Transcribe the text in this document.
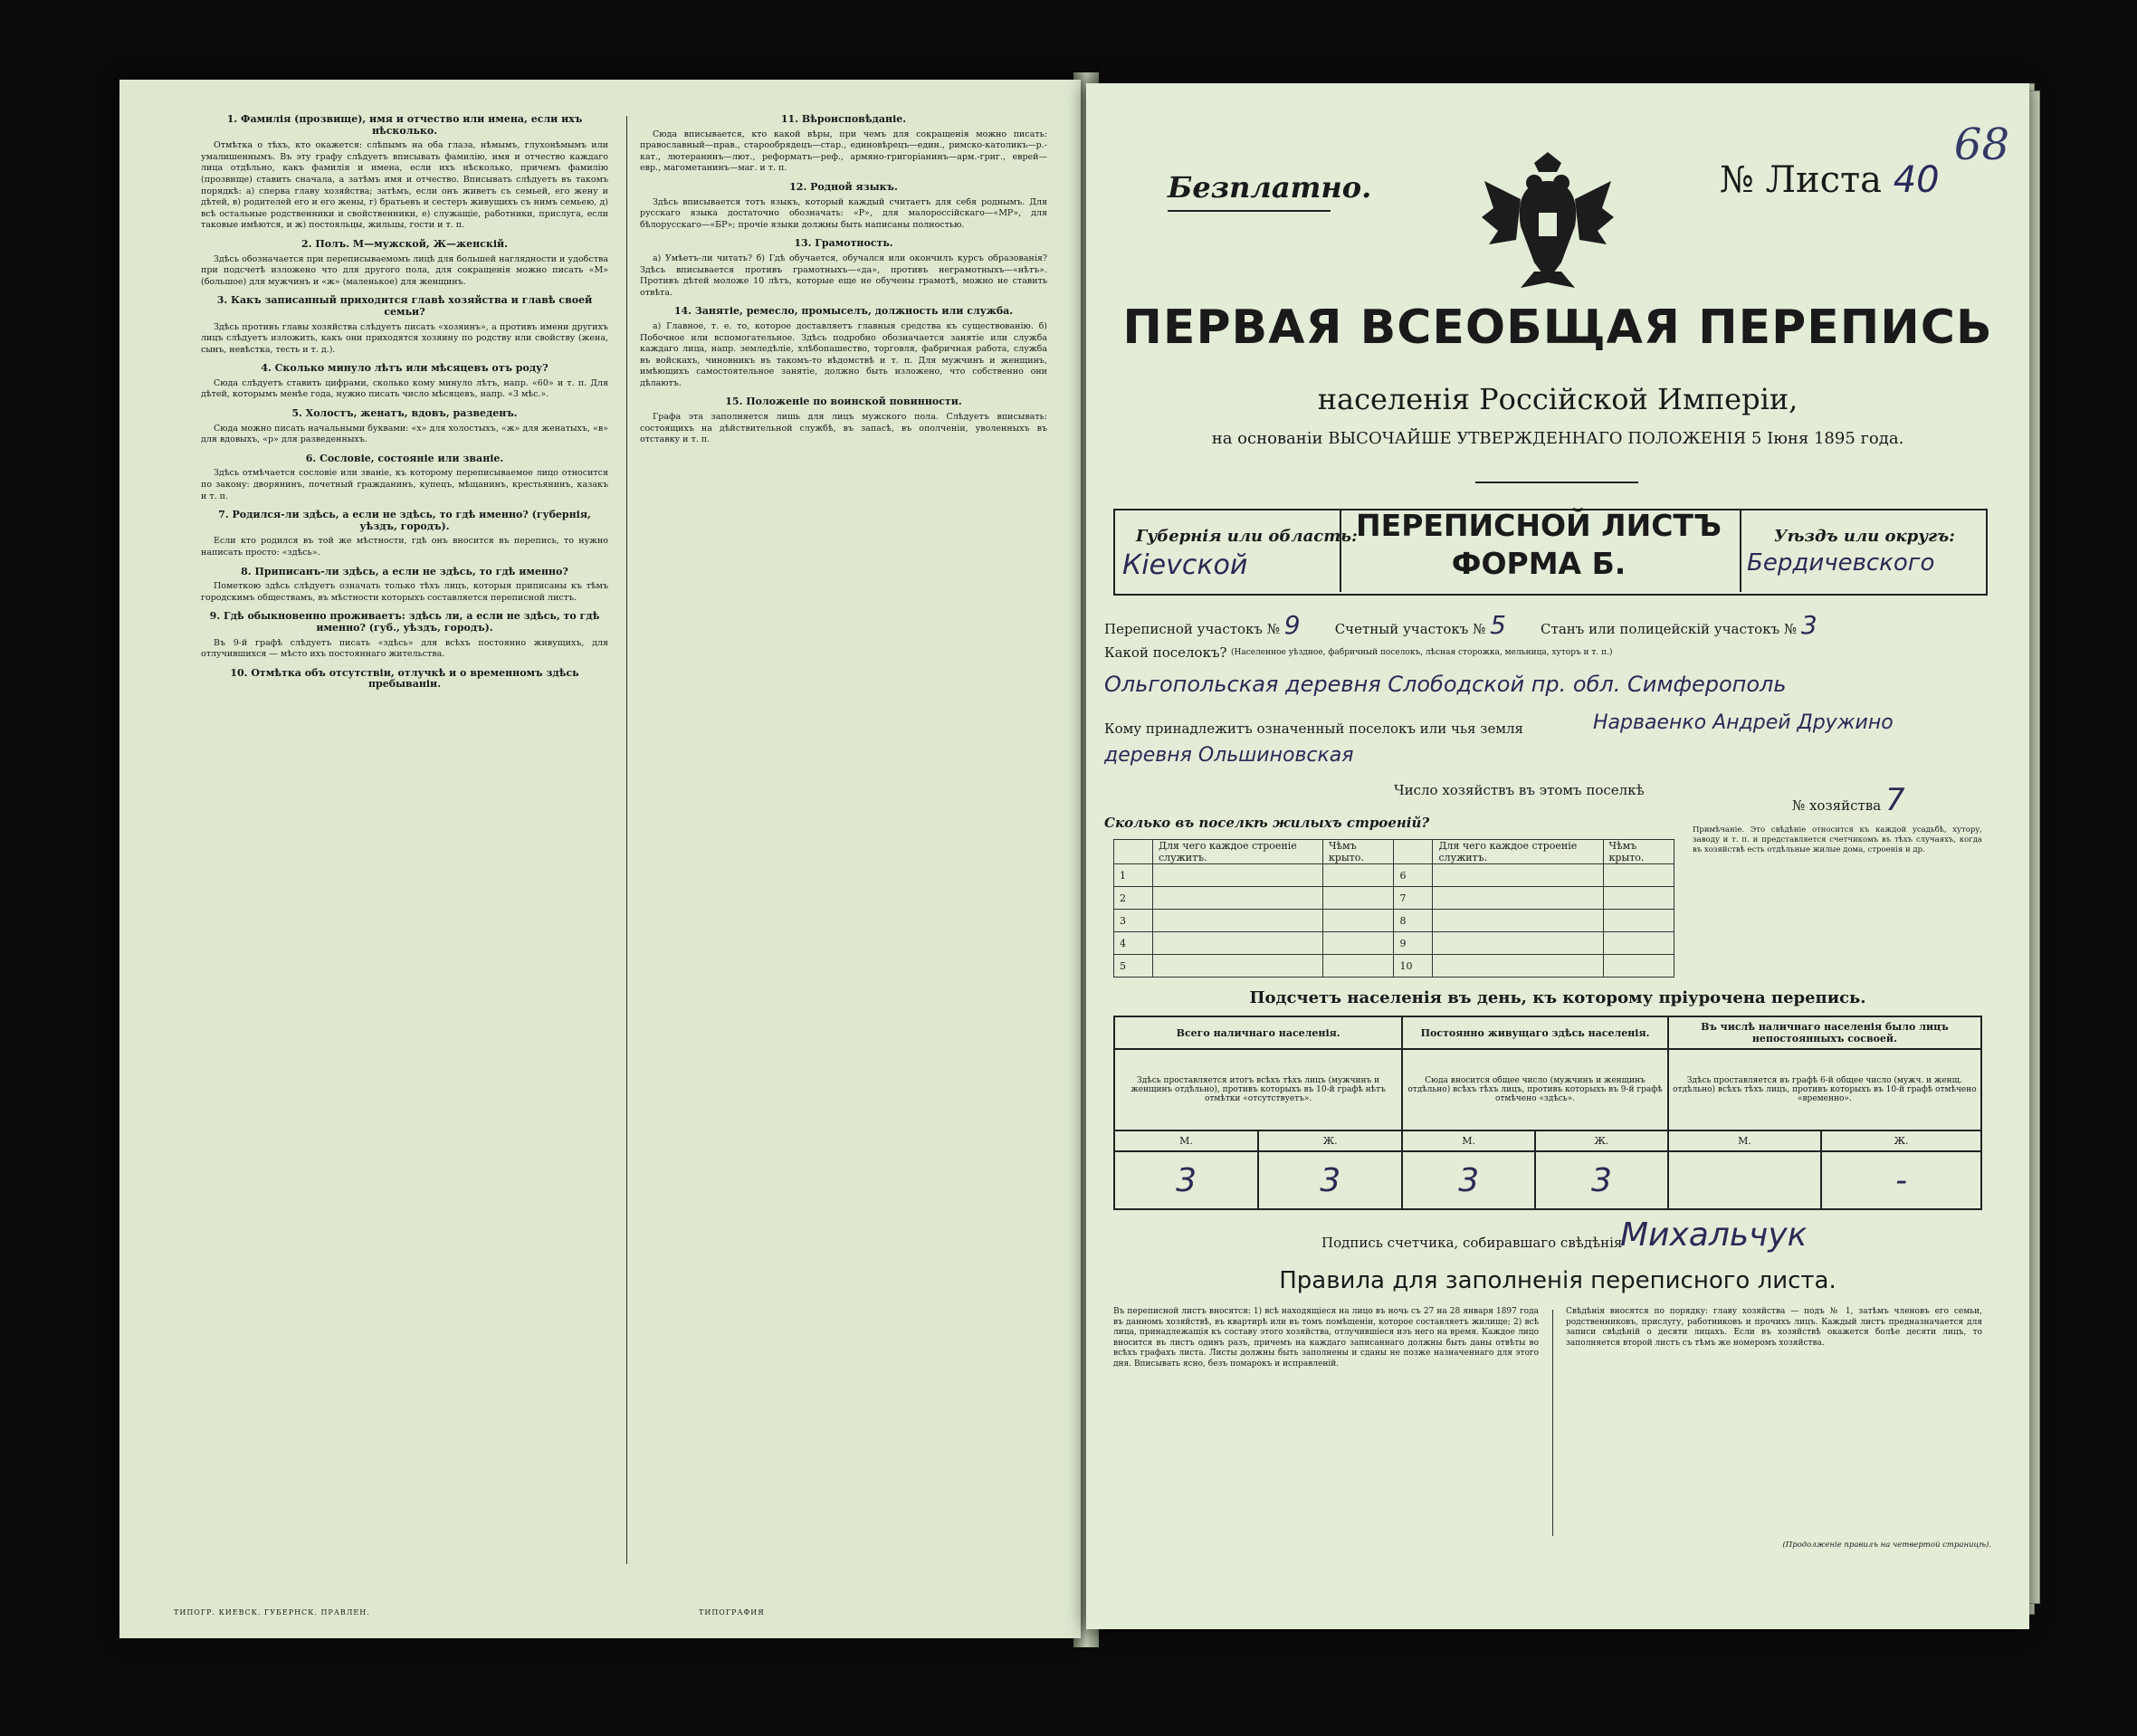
1. Фамилія (прозвище), имя и отчество или имена, если ихъ нѣсколько.

Отмѣтка о тѣхъ, кто окажется: слѣпымъ на оба глаза, нѣмымъ, глухонѣмымъ или умалишеннымъ. Въ эту графу слѣдуетъ вписывать фамилію, имя и отчество каждаго лица отдѣльно, какъ фамилія и имена, если ихъ нѣсколько, причемъ фамилію (прозвище) ставить сначала, а затѣмъ имя и отчество. Вписывать слѣдуетъ въ такомъ порядкѣ: а) сперва главу хозяйства; затѣмъ, если онъ живетъ съ семьей, его жену и дѣтей, в) родителей его и его жены, г) братьевъ и сестеръ живущихъ съ нимъ семьею, д) всѣ остальные родственники и свойственники, е) служащіе, работники, прислуга, если таковые имѣются, и ж) постояльцы, жильцы, гости и т. п.

2. Полъ. М—мужской, Ж—женскій.

Здѣсь обозначается при переписываемомъ лицѣ для большей наглядности и удобства при подсчетѣ изложено что для другого пола, для сокращенія можно писать «М» (большое) для мужчинъ и «ж» (маленькое) для женщинъ.

3. Какъ записанный приходится главѣ хозяйства и главѣ своей семьи?

Здѣсь противъ главы хозяйства слѣдуетъ писать «хозяинъ», а противъ имени другихъ лицъ слѣдуетъ изложить, какъ они приходятся хозяину по родству или свойству (жена, сынъ, невѣстка, тесть и т. д.).

4. Сколько минуло лѣтъ или мѣсяцевъ отъ роду?

Сюда слѣдуетъ ставить цифрами, сколько кому минуло лѣтъ, напр. «60» и т. п. Для дѣтей, которымъ менѣе года, нужно писать число мѣсяцевъ, напр. «3 мѣс.».

5. Холостъ, женатъ, вдовъ, разведенъ.

Сюда можно писать начальными буквами: «х» для холостыхъ, «ж» для женатыхъ, «в» для вдовыхъ, «р» для разведенныхъ.

6. Сословіе, состояніе или званіе.

Здѣсь отмѣчается сословіе или званіе, къ которому переписываемое лицо относится по закону: дворянинъ, почетный гражданинъ, купецъ, мѣщанинъ, крестьянинъ, казакъ и т. п.

7. Родился-ли здѣсь, а если не здѣсь, то гдѣ именно? (губернія, уѣздъ, городъ).

Если кто родился въ той же мѣстности, гдѣ онъ вносится въ перепись, то нужно написать просто: «здѣсь».

8. Приписанъ-ли здѣсь, а если не здѣсь, то гдѣ именно?

Пометкою здѣсь слѣдуетъ означать только тѣхъ лицъ, которыя приписаны къ тѣмъ городскимъ обществамъ, въ мѣстности которыхъ составляется переписной листъ.

9. Гдѣ обыкновенно проживаетъ: здѣсь ли, а если не здѣсь, то гдѣ именно? (губ., уѣздъ, городъ).

Въ 9-й графѣ слѣдуетъ писать «здѣсь» для всѣхъ постоянно живущихъ, для отлучившихся — мѣсто ихъ постояннаго жительства.

10. Отмѣтка объ отсутствіи, отлучкѣ и о временномъ здѣсь пребываніи.
11. Вѣроисповѣданіе.

Сюда вписывается, кто какой вѣры, при чемъ для сокращенія можно писать: православный—прав., старообрядецъ—стар., единовѣрецъ—един., римско-католикъ—р.-кат., лютеранинъ—лют., реформатъ—реф., армяно-григоріанинъ—арм.-григ., еврей—евр., магометанинъ—маг. и т. п.

12. Родной языкъ.

Здѣсь вписывается тотъ языкъ, который каждый считаетъ для себя роднымъ. Для русскаго языка достаточно обозначать: «Р», для малороссійскаго—«МР», для бѣлорусскаго—«БР»; прочіе языки должны быть написаны полностью.

13. Грамотность.

а) Умѣетъ-ли читать? б) Гдѣ обучается, обучался или окончилъ курсъ образованія? Здѣсь вписывается противъ грамотныхъ—«да», противъ неграмотныхъ—«нѣтъ». Противъ дѣтей моложе 10 лѣтъ, которые еще не обучены грамотѣ, можно не ставить отвѣта.

14. Занятіе, ремесло, промыселъ, должность или служба.

а) Главное, т. е. то, которое доставляетъ главныя средства къ существованію. б) Побочное или вспомогательное. Здѣсь подробно обозначается занятіе или служба каждаго лица, напр. земледѣліе, хлѣбопашество, торговля, фабричная работа, служба въ войскахъ, чиновникъ въ такомъ-то вѣдомствѣ и т. п. Для мужчинъ и женщинъ, имѣющихъ самостоятельное занятіе, должно быть изложено, что собственно они дѣлаютъ.

15. Положеніе по воинской повинности.

Графа эта заполняется лишь для лицъ мужского пола. Слѣдуетъ вписывать: состоящихъ на дѣйствительной службѣ, въ запасѣ, въ ополченіи, уволенныхъ въ отставку и т. п.

ТИПОГР. КИЕВСК. ГУБЕРНСК. ПРАВЛЕН.	ТИПОГРАФИЯ
Безплатно.	№ Листа 40
68
ПЕРВАЯ ВСЕОБЩАЯ ПЕРЕПИСЬ
населенія Россійской Имперіи,
на основаніи ВЫСОЧАЙШЕ УТВЕРЖДЕННАГО ПОЛОЖЕНІЯ 5 Іюня 1895 года.
ПЕРЕПИСНОЙ ЛИСТЪ
ФОРМА Б.
Губернія или область:
Кievской
Уѣздъ или округъ:
Бердичевского
Переписной участокъ № 9	Счетный участокъ № 5	Станъ или полицейскій участокъ № 3
Какой поселокъ? (Населенное уѣздное, фабричный поселокъ, лѣсная сторожка, мельница, хуторъ и т. п.)
Ольгопольская деревня Слободской пр. обл. Симферополь
Кому принадлежитъ означенный поселокъ или чья земля	Нарваенко Андрей Дружино
деревня Ольшиновская
Число хозяйствъ въ этомъ поселкѣ
№ хозяйства 7
Сколько въ поселкѣ жилыхъ строеній?
	Для чего каждое строеніе служитъ.	Чѣмъ крыто.		Для чего каждое строеніе служитъ.	Чѣмъ крыто.
1			6		
2			7		
3			8		
4			9		
5			10		
Примѣчаніе. Это свѣдѣніе относится къ каждой усадьбѣ, хутору, заводу и т. п. и представляется счетчикомъ въ тѣхъ случаяхъ, когда въ хозяйствѣ есть отдѣльные жилые дома, строенія и др.
Подсчетъ населенія въ день, къ которому пріурочена перепись.
Всего наличнаго населенія.		Постоянно живущаго здѣсь населенія.		Въ числѣ наличнаго населенія было лицъ непостоянныхъ сосвоей.	
Здѣсь проставляется итогъ всѣхъ тѣхъ лицъ (мужчинъ и женщинъ отдѣльно), противъ которыхъ въ 10-й графѣ нѣтъ отмѣтки «отсутствуетъ».		Сюда вносится общее число (мужчинъ и женщинъ отдѣльно) всѣхъ тѣхъ лицъ, противъ которыхъ въ 9-й графѣ отмѣчено «здѣсь».		Здѣсь проставляется въ графѣ 6-й общее число (мужч. и женщ. отдѣльно) всѣхъ тѣхъ лицъ, противъ которыхъ въ 10-й графѣ отмѣчено «временно».	
М.	Ж.	М.	Ж.	М.	Ж.
3	3	3	3		-
Подпись счетчика, собиравшаго свѣдѣнія
Михальчук
Правила для заполненія переписного листа.
Въ переписной листъ вносятся: 1) всѣ находящіеся на лицо въ ночь съ 27 на 28 января 1897 года въ данномъ хозяйствѣ, въ квартирѣ или въ томъ помѣщеніи, которое составляетъ жилище; 2) всѣ лица, принадлежащія къ составу этого хозяйства, отлучившіеся изъ него на время. Каждое лицо вносится въ листъ одинъ разъ, причемъ на каждаго записаннаго должны быть даны отвѣты во всѣхъ графахъ листа. Листы должны быть заполнены и сданы не позже назначеннаго для этого дня. Вписывать ясно, безъ помарокъ и исправленій.
Свѣдѣнія вносятся по порядку: главу хозяйства — подъ № 1, затѣмъ членовъ его семьи, родственниковъ, прислугу, работниковъ и прочихъ лицъ. Каждый листъ предназначается для записи свѣдѣній о десяти лицахъ. Если въ хозяйствѣ окажется болѣе десяти лицъ, то заполняется второй листъ съ тѣмъ же номеромъ хозяйства.
(Продолженіе правилъ на четвертой страницѣ).
